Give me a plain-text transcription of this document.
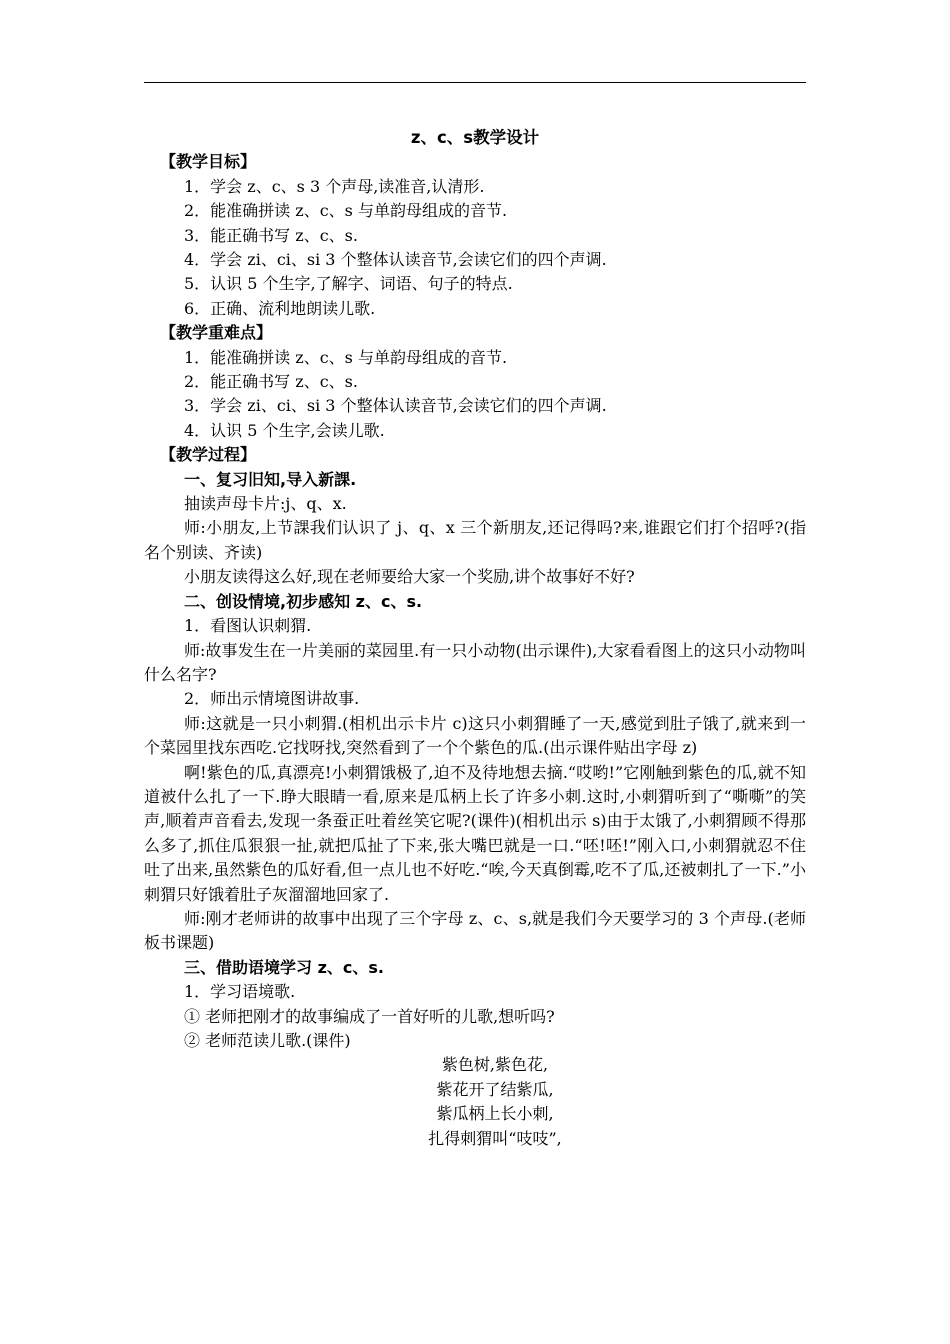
z、c、s教学设计
【教学目标】
1．学会 z、c、s 3 个声母,读准音,认清形.
2．能准确拼读 z、c、s 与单韵母组成的音节.
3．能正确书写 z、c、s.
4．学会 zi、ci、si 3 个整体认读音节,会读它们的四个声调.
5．认识 5 个生字,了解字、词语、句子的特点.
6．正确、流利地朗读儿歌.
【教学重难点】
1．能准确拼读 z、c、s 与单韵母组成的音节.
2．能正确书写 z、c、s.
3．学会 zi、ci、si 3 个整体认读音节,会读它们的四个声调.
4．认识 5 个生字,会读儿歌.
【教学过程】
一、复习旧知,导入新課.
抽读声母卡片:j、q、x.
师:小朋友,上节課我们认识了 j、q、x 三个新朋友,还记得吗?来,谁跟它们打个招呼?(指名个别读、齐读)
小朋友读得这么好,现在老师要给大家一个奖励,讲个故事好不好?
二、创设情境,初步感知 z、c、s.
1．看图认识刺猬.
师:故事发生在一片美丽的菜园里.有一只小动物(出示课件),大家看看图上的这只小动物叫什么名字?
2．师出示情境图讲故事.
师:这就是一只小刺猬.(相机出示卡片 c)这只小刺猬睡了一天,感觉到肚子饿了,就来到一个菜园里找东西吃.它找呀找,突然看到了一个个紫色的瓜.(出示课件贴出字母 z)
啊!紫色的瓜,真漂亮!小刺猬饿极了,迫不及待地想去摘.“哎哟!”它刚触到紫色的瓜,就不知道被什么扎了一下.睁大眼睛一看,原来是瓜柄上长了许多小刺.这时,小刺猬听到了“嘶嘶”的笑声,顺着声音看去,发现一条蚕正吐着丝笑它呢?(课件)(相机出示 s)由于太饿了,小刺猬顾不得那么多了,抓住瓜狠狠一扯,就把瓜扯了下来,张大嘴巴就是一口.“呸!呸!”刚入口,小刺猬就忍不住吐了出来,虽然紫色的瓜好看,但一点儿也不好吃.“唉,今天真倒霉,吃不了瓜,还被刺扎了一下.”小刺猬只好饿着肚子灰溜溜地回家了.
师:刚才老师讲的故事中出现了三个字母 z、c、s,就是我们今天要学习的 3 个声母.(老师板书课题)
三、借助语境学习 z、c、s.
1．学习语境歌.
① 老师把刚才的故事编成了一首好听的儿歌,想听吗?
② 老师范读儿歌.(课件)
紫色树,紫色花,
紫花开了结紫瓜,
紫瓜柄上长小刺,
扎得刺猬叫“吱吱”,
